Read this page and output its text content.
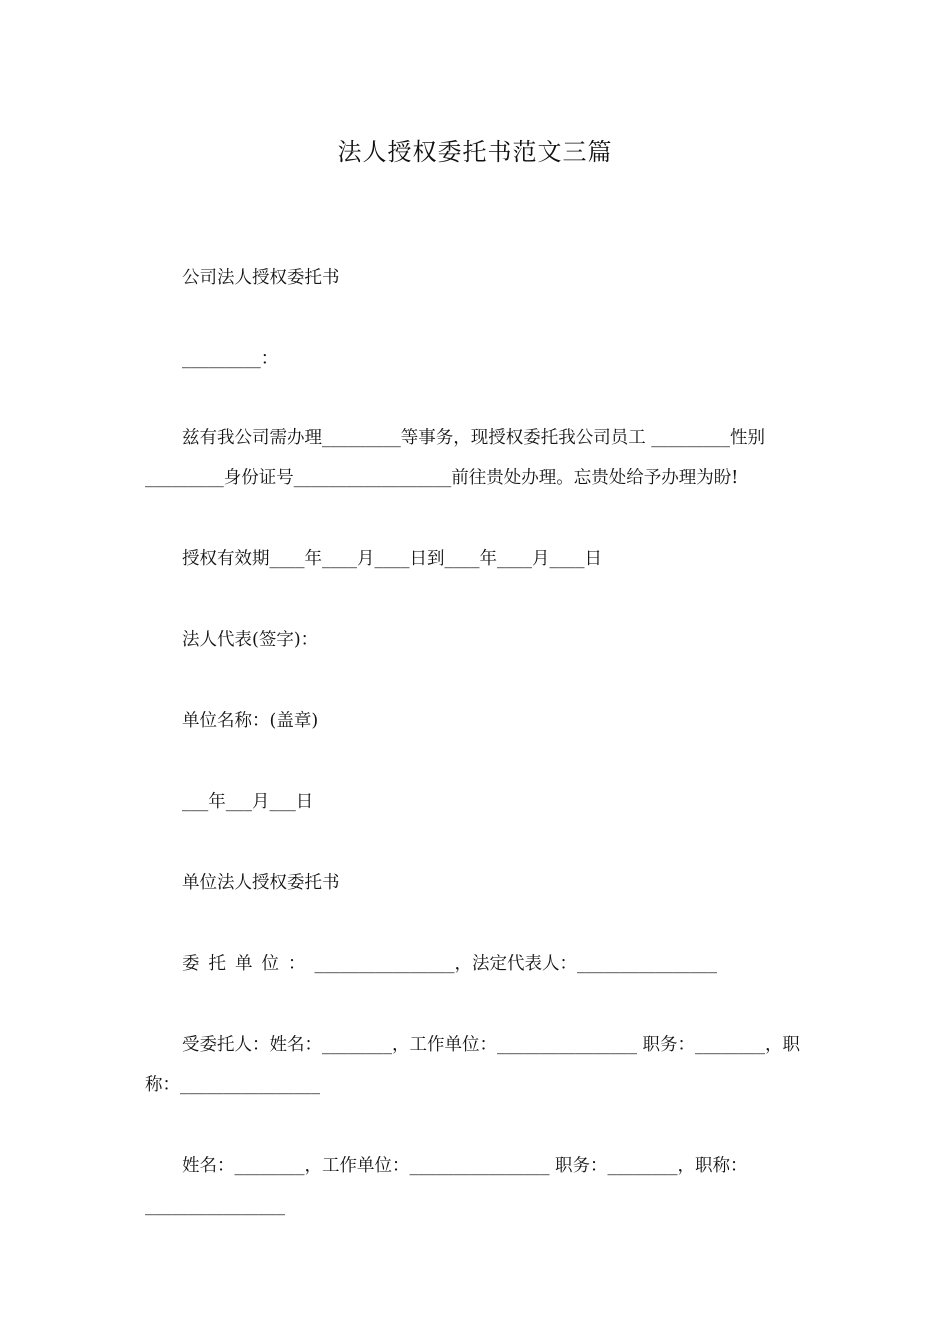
法人授权委托书范文三篇
公司法人授权委托书
_________：
兹有我公司需办理_________等事务，现授权委托我公司员工 _________性别_________身份证号__________________前往贵处办理。忘贵处给予办理为盼!
授权有效期____年____月____日到____年____月____日
法人代表(签字)：
单位名称：(盖章)
___年___月___日
单位法人授权委托书
委托单位：________________，法定代表人：________________
受委托人：姓名：________，工作单位：________________ 职务：________，职称：________________
姓名：________，工作单位：________________ 职务：________，职称：________________
